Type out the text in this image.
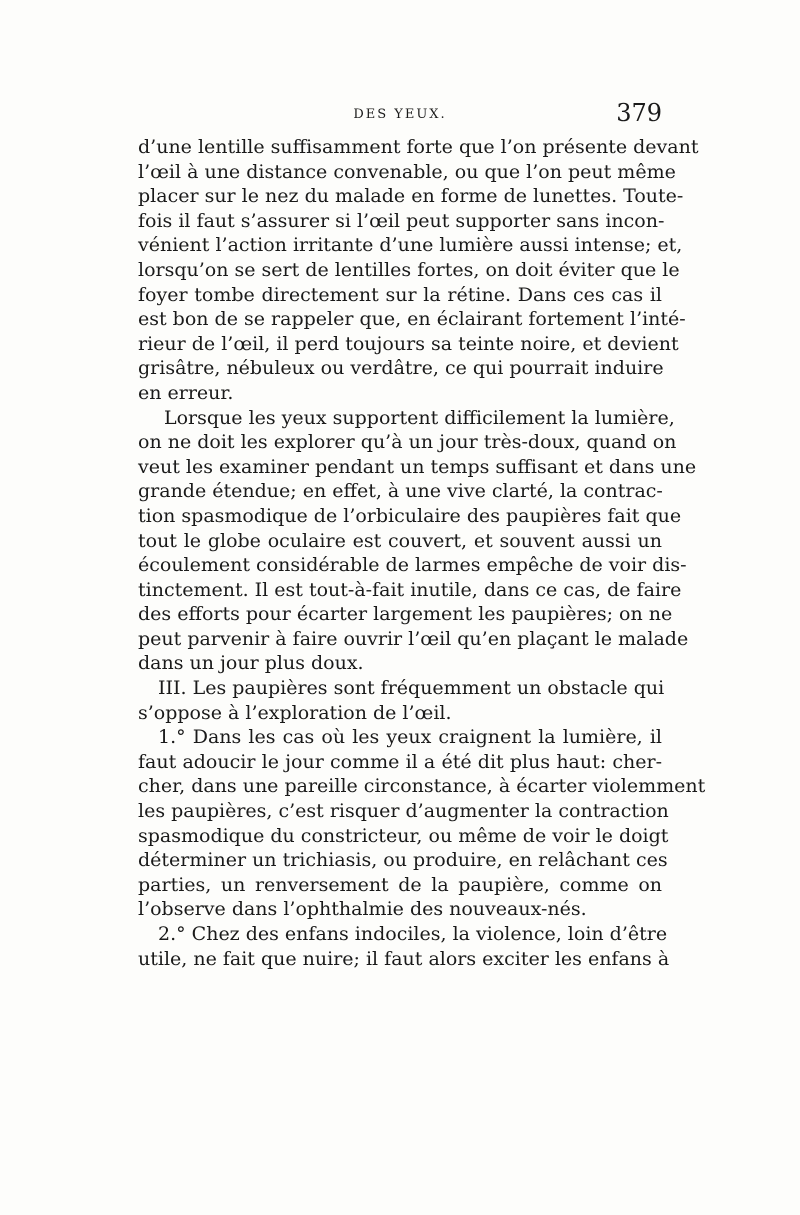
DES YEUX.	379
d’une lentille suffisamment forte que l’on présente devant
l’œil à une distance convenable, ou que l’on peut même
placer sur le nez du malade en forme de lunettes. Toute-
fois il faut s’assurer si l’œil peut supporter sans incon-
vénient l’action irritante d’une lumière aussi intense; et,
lorsqu’on se sert de lentilles fortes, on doit éviter que le
foyer tombe directement sur la rétine. Dans ces cas il
est bon de se rappeler que, en éclairant fortement l’inté-
rieur de l’œil, il perd toujours sa teinte noire, et devient
grisâtre, nébuleux ou verdâtre, ce qui pourrait induire
en erreur.
Lorsque les yeux supportent difficilement la lumière,
on ne doit les explorer qu’à un jour très-doux, quand on
veut les examiner pendant un temps suffisant et dans une
grande étendue; en effet, à une vive clarté, la contrac-
tion spasmodique de l’orbiculaire des paupières fait que
tout le globe oculaire est couvert, et souvent aussi un
écoulement considérable de larmes empêche de voir dis-
tinctement. Il est tout-à-fait inutile, dans ce cas, de faire
des efforts pour écarter largement les paupières; on ne
peut parvenir à faire ouvrir l’œil qu’en plaçant le malade
dans un jour plus doux.
III. Les paupières sont fréquemment un obstacle qui
s’oppose à l’exploration de l’œil.
1.° Dans les cas où les yeux craignent la lumière, il
faut adoucir le jour comme il a été dit plus haut: cher-
cher, dans une pareille circonstance, à écarter violemment
les paupières, c’est risquer d’augmenter la contraction
spasmodique du constricteur, ou même de voir le doigt
déterminer un trichiasis, ou produire, en relâchant ces
parties, un renversement de la paupière, comme on
l’observe dans l’ophthalmie des nouveaux-nés.
2.° Chez des enfans indociles, la violence, loin d’être
utile, ne fait que nuire; il faut alors exciter les enfans à
